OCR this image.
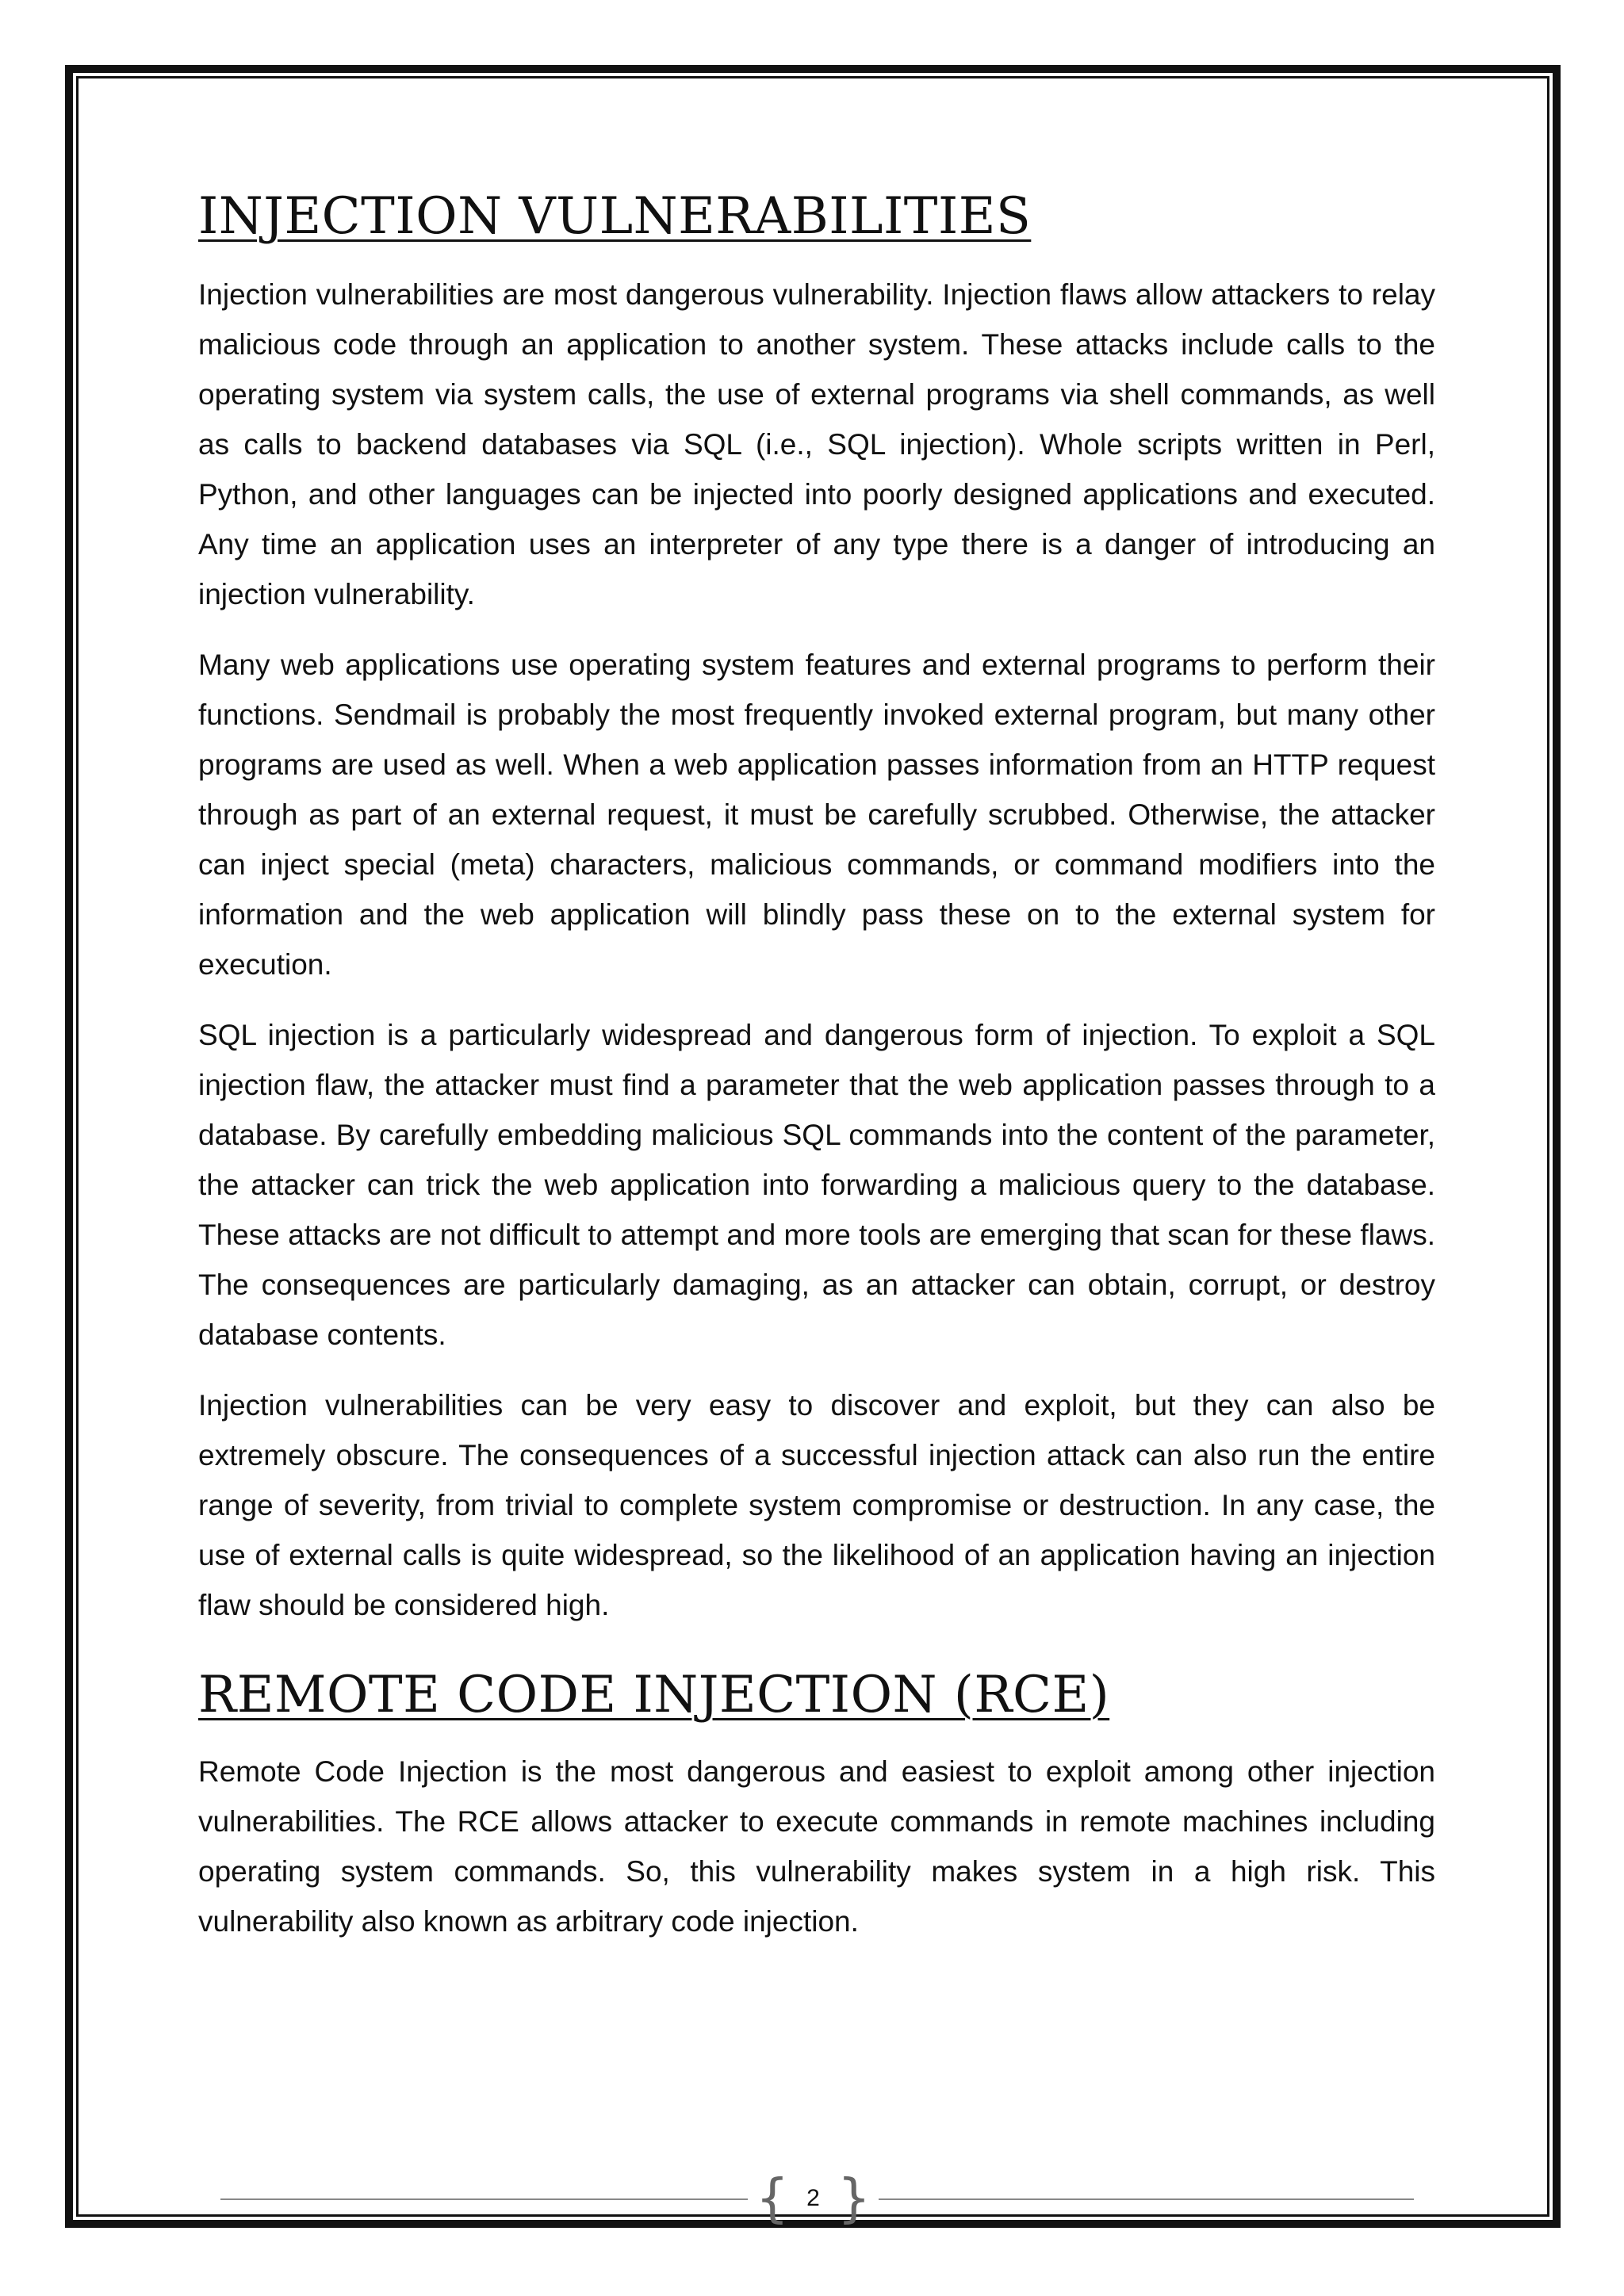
INJECTION VULNERABILITIES

Injection vulnerabilities are most dangerous vulnerability. Injection flaws allow attackers to relay malicious code through an application to another system. These attacks include calls to the operating system via system calls, the use of external programs via shell commands, as well as calls to backend databases via SQL (i.e., SQL injection). Whole scripts written in Perl, Python, and other languages can be injected into poorly designed applications and executed. Any time an application uses an interpreter of any type there is a danger of introducing an injection vulnerability.

Many web applications use operating system features and external programs to perform their functions. Sendmail is probably the most frequently invoked external program, but many other programs are used as well. When a web application passes information from an HTTP request through as part of an external request, it must be carefully scrubbed. Otherwise, the attacker can inject special (meta) characters, malicious commands, or command modifiers into the information and the web application will blindly pass these on to the external system for execution.

SQL injection is a particularly widespread and dangerous form of injection. To exploit a SQL injection flaw, the attacker must find a parameter that the web application passes through to a database. By carefully embedding malicious SQL commands into the content of the parameter, the attacker can trick the web application into forwarding a malicious query to the database. These attacks are not difficult to attempt and more tools are emerging that scan for these flaws. The consequences are particularly damaging, as an attacker can obtain, corrupt, or destroy database contents.

Injection vulnerabilities can be very easy to discover and exploit, but they can also be extremely obscure. The consequences of a successful injection attack can also run the entire range of severity, from trivial to complete system compromise or destruction. In any case, the use of external calls is quite widespread, so the likelihood of an application having an injection flaw should be considered high.

REMOTE CODE INJECTION (RCE)

Remote Code Injection is the most dangerous and easiest to exploit among other injection vulnerabilities. The RCE allows attacker to execute commands in remote machines including operating system commands. So, this vulnerability makes system in a high risk. This vulnerability also known as arbitrary code injection.

{ 2 }
